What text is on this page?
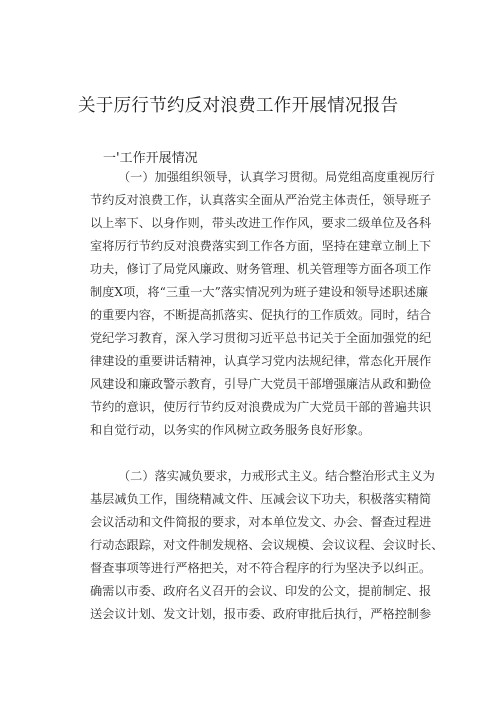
关于厉行节约反对浪费工作开展情况报告
一'工作开展情况

（一）加强组织领导，认真学习贯彻。局党组高度重视厉行

节约反对浪费工作，认真落实全面从严治党主体责任，领导班子

以上率下、以身作则，带头改进工作作风，要求二级单位及各科

室将厉行节约反对浪费落实到工作各方面，坚持在建章立制上下

功夫，修订了局党风廉政、财务管理、机关管理等方面各项工作

制度X项，将“三重一大”落实情况列为班子建设和领导述职述廉

的重要内容，不断提高抓落实、促执行的工作质效。同时，结合

党纪学习教育，深入学习贯彻习近平总书记关于全面加强党的纪

律建设的重要讲话精神，认真学习党内法规纪律，常态化开展作

风建设和廉政警示教育，引导广大党员干部增强廉洁从政和勤俭

节约的意识，使厉行节约反对浪费成为广大党员干部的普遍共识

和自觉行动，以务实的作风树立政务服务良好形象。

（二）落实减负要求，力戒形式主义。结合整治形式主义为

基层减负工作，围绕精减文件、压减会议下功夫，积极落实精简

会议活动和文件简报的要求，对本单位发文、办会、督查过程进

行动态跟踪，对文件制发规格、会议规模、会议议程、会议时长、

督查事项等进行严格把关，对不符合程序的行为坚决予以纠正。

确需以市委、政府名义召开的会议、印发的公文，提前制定、报

送会议计划、发文计划，报市委、政府审批后执行，严格控制参
